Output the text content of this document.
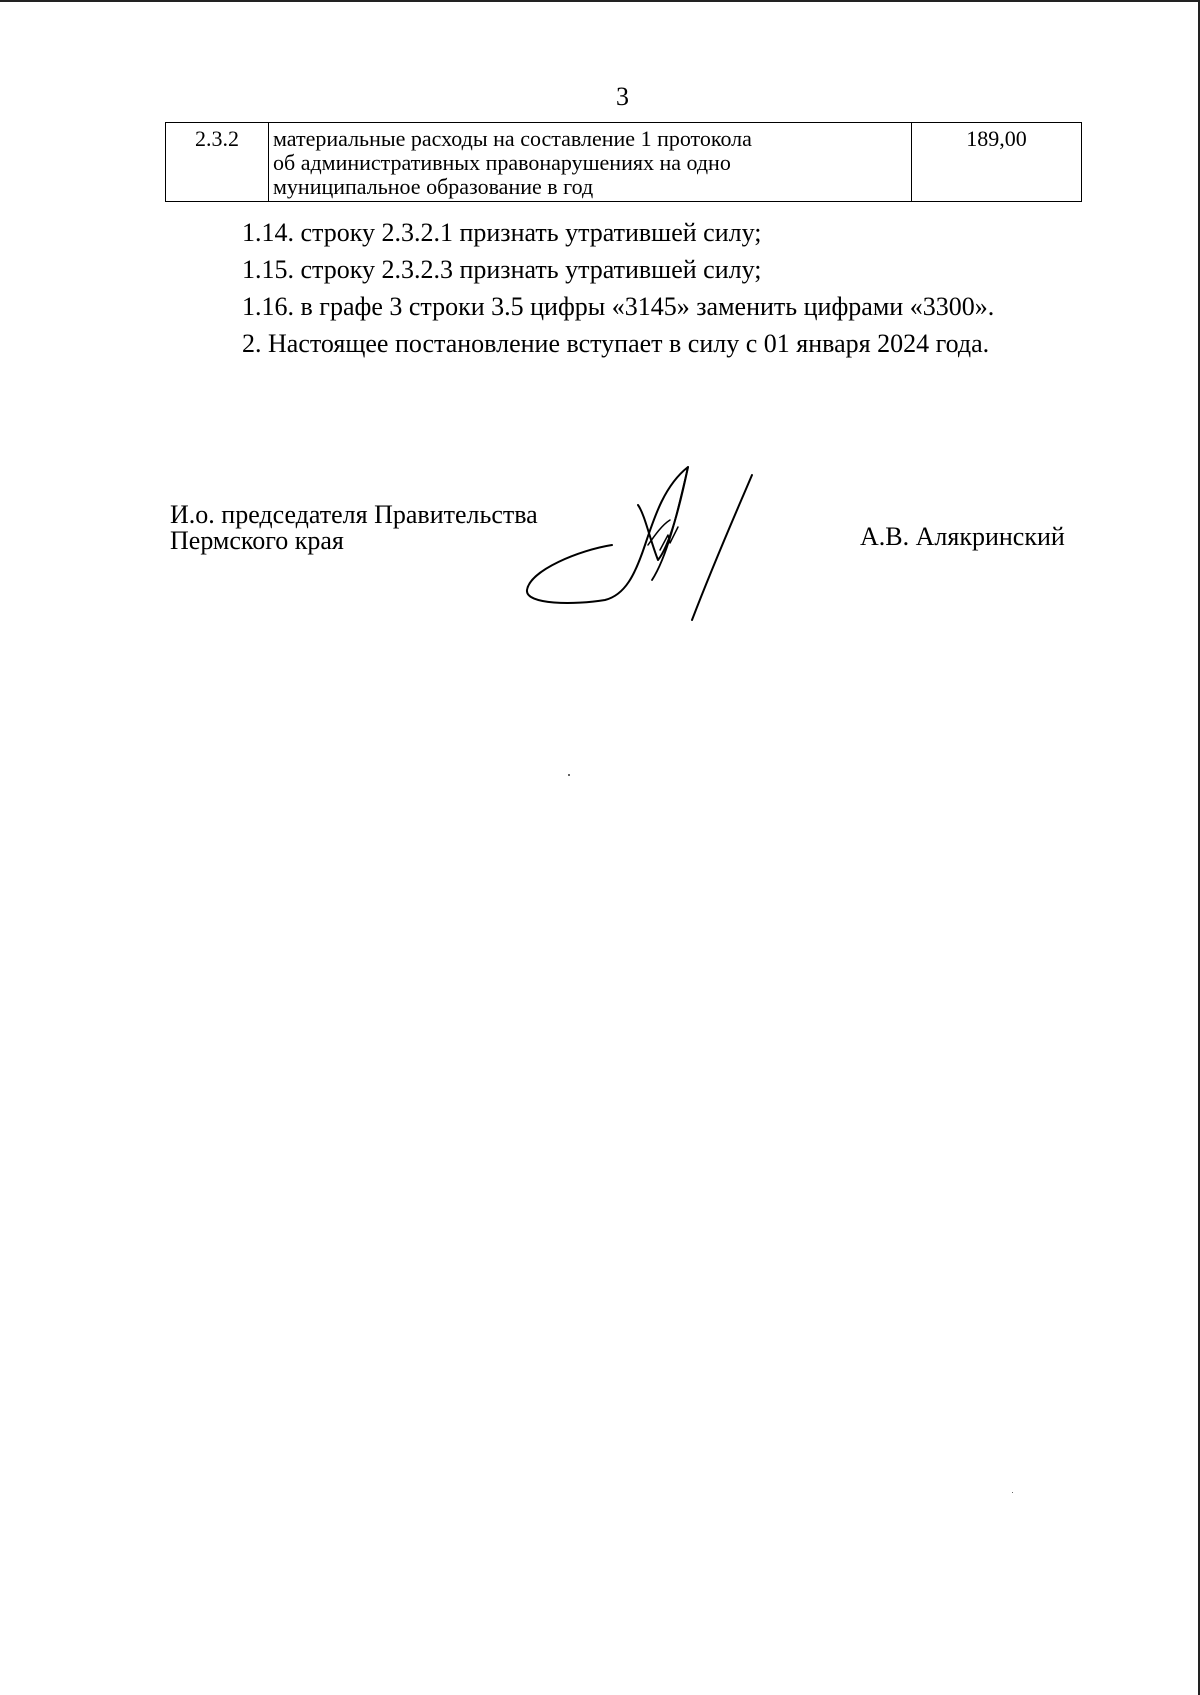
3
2.3.2	материальные расходы на составление 1 протокола
об административных правонарушениях на одно
муниципальное образование в год
	189,00
1.14. строку 2.3.2.1 признать утратившей силу;
1.15. строку 2.3.2.3 признать утратившей силу;
1.16. в графе 3 строки 3.5 цифры «3145» заменить цифрами «3300».
2. Настоящее постановление вступает в силу с 01 января 2024 года.
И.о. председателя Правительства
Пермского края	А.В. Алякринский
